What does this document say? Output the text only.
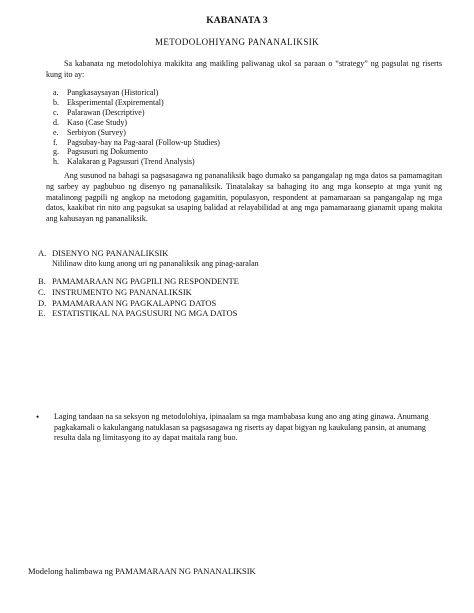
KABANATA 3
METODOLOHIYANG PANANALIKSIK
Sa kabanata ng metodolohiya makikita ang maikling paliwanag ukol sa paraan o “strategy” ng pagsulat ng riserts kung ito ay:
a.	Pangkasaysayan (Historical)
b.	Eksperimental (Expiremental)
c.	Palarawan (Descriptive)
d.	Kaso (Case Study)
e.	Serbiyon (Survey)
f.	Pagsubay-bay na Pag-aaral (Follow-up Studies)
g.	Pagsusuri ng Dokumento
h.	Kalakaran g Pagsusuri (Trend Analysis)
Ang susunod na bahagi sa pagsasagawa ng pananaliksik bago dumako sa pangangalap ng mga datos sa pamamagitan ng sarbey ay pagbubuo ng disenyo ng pananaliksik. Tinatalakay sa bahaging ito ang mga konsepto at mga yunit ng matalinong pagpili ng angkop na metodong gagamitin, populasyon, respondent at pamamaraan sa pangangalap ng mga datos, kaakibat rin nito ang pagsukat sa usaping balidad at relayabilidad at ang mga pamamaraang gianamit upang makita ang kahusayan ng pananaliksik.
A. DISENYO NG PANANALIKSIK
Nililinaw dito kung anong uri ng pananaliksik ang pinag-aaralan
B. PAMAMARAAN NG PAGPILI NG RESPONDENTE
C. INSTRUMENTO NG PANANALIKSIK
D. PAMAMARAAN NG PAGKALAPNG DATOS
E. ESTATISTIKAL NA PAGSUSURI NG MGA DATOS
•	Laging tandaan na sa seksyon ng metodolohiya, ipinaalam sa mga mambabasa kung ano ang ating ginawa. Anumang pagkakamali o kakulangang natuklasan sa pagsasagawa ng riserts ay dapat bigyan ng kaukulang pansin, at anumang resulta dala ng limitasyong ito ay dapat maitala rang buo.
Modelong halimbawa ng PAMAMARAAN NG PANANALIKSIK
